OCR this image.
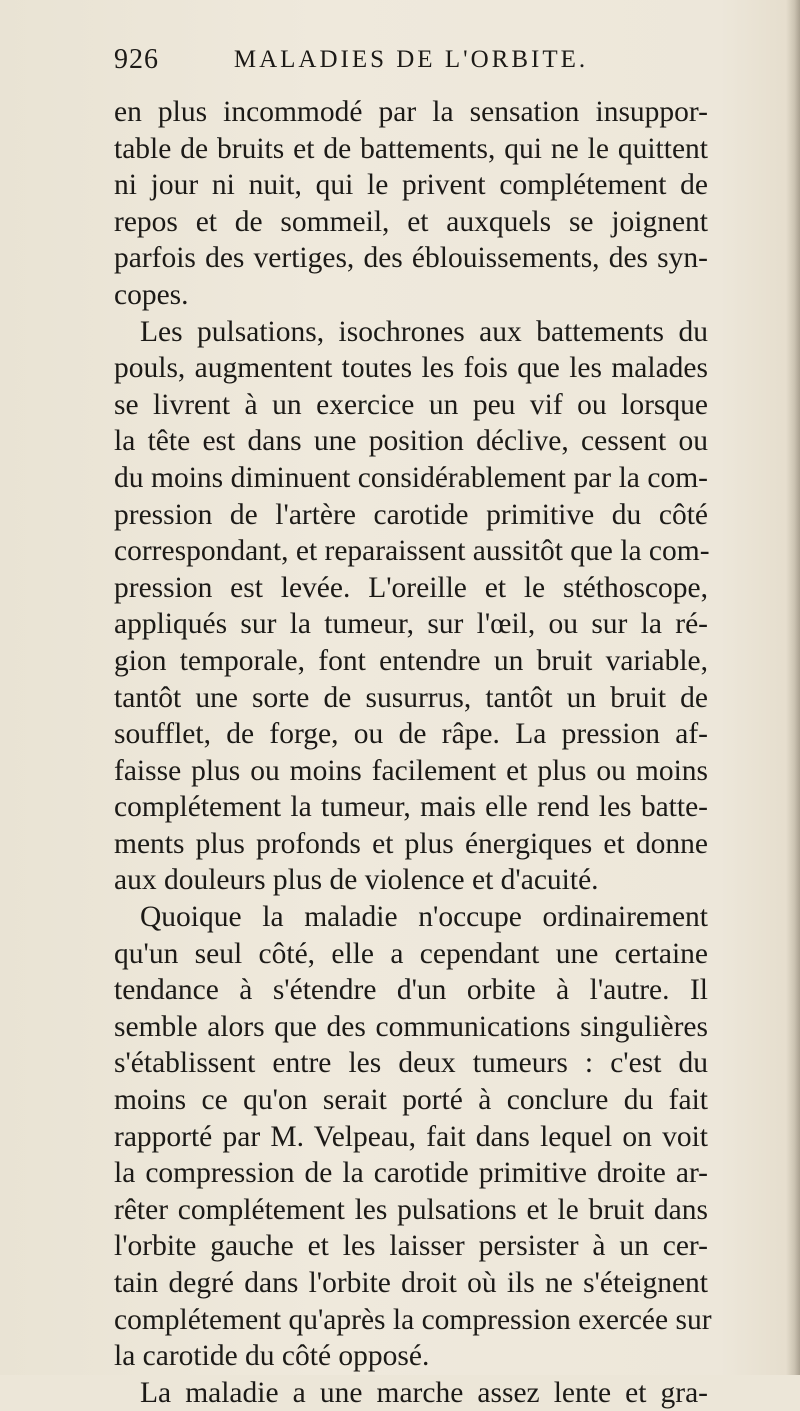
926	MALADIES DE L'ORBITE.
en plus incommodé par la sensation insuppor-
table de bruits et de battements, qui ne le quittent
ni jour ni nuit, qui le privent complétement de
repos et de sommeil, et auxquels se joignent
parfois des vertiges, des éblouissements, des syn-
copes.
Les pulsations, isochrones aux battements du
pouls, augmentent toutes les fois que les malades
se livrent à un exercice un peu vif ou lorsque
la tête est dans une position déclive, cessent ou
du moins diminuent considérablement par la com-
pression de l'artère carotide primitive du côté
correspondant, et reparaissent aussitôt que la com-
pression est levée. L'oreille et le stéthoscope,
appliqués sur la tumeur, sur l'œil, ou sur la ré-
gion temporale, font entendre un bruit variable,
tantôt une sorte de susurrus, tantôt un bruit de
soufflet, de forge, ou de râpe. La pression af-
faisse plus ou moins facilement et plus ou moins
complétement la tumeur, mais elle rend les batte-
ments plus profonds et plus énergiques et donne
aux douleurs plus de violence et d'acuité.
Quoique la maladie n'occupe ordinairement
qu'un seul côté, elle a cependant une certaine
tendance à s'étendre d'un orbite à l'autre. Il
semble alors que des communications singulières
s'établissent entre les deux tumeurs : c'est du
moins ce qu'on serait porté à conclure du fait
rapporté par M. Velpeau, fait dans lequel on voit
la compression de la carotide primitive droite ar-
rêter complétement les pulsations et le bruit dans
l'orbite gauche et les laisser persister à un cer-
tain degré dans l'orbite droit où ils ne s'éteignent
complétement qu'après la compression exercée sur
la carotide du côté opposé.
La maladie a une marche assez lente et gra-
